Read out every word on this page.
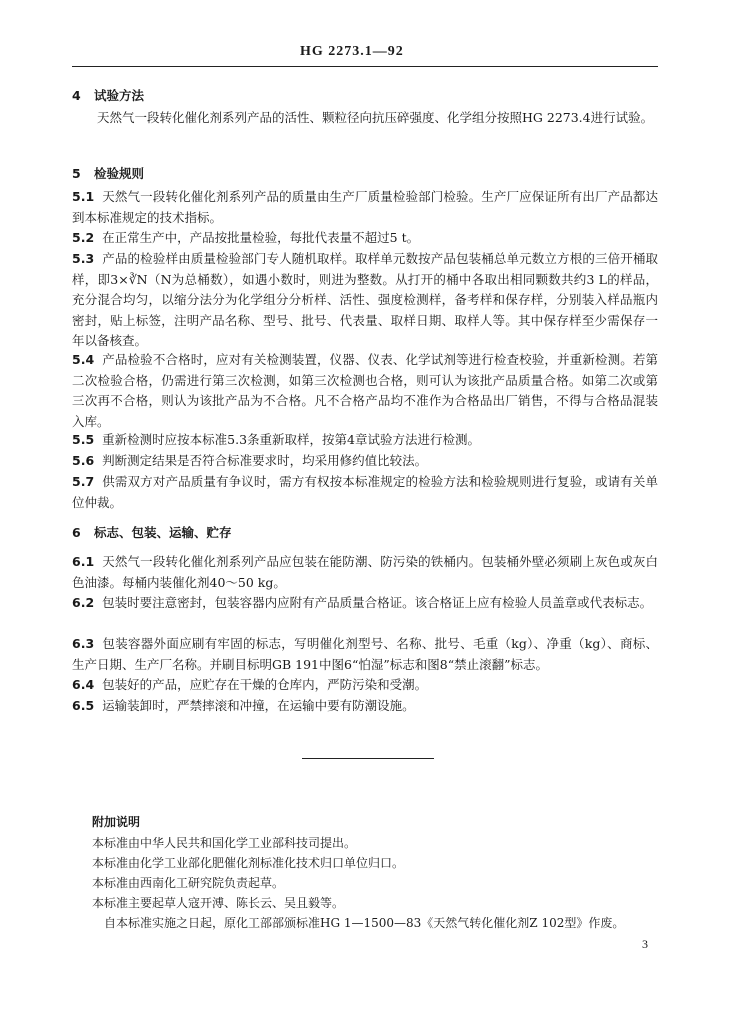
HG 2273.1—92
4 试验方法
天然气一段转化催化剂系列产品的活性、颗粒径向抗压碎强度、化学组分按照HG 2273.4进行试验。
5 检验规则
5.1 天然气一段转化催化剂系列产品的质量由生产厂质量检验部门检验。生产厂应保证所有出厂产品都达到本标准规定的技术指标。
5.2 在正常生产中，产品按批量检验，每批代表量不超过5 t。
5.3 产品的检验样由质量检验部门专人随机取样。取样单元数按产品包装桶总单元数立方根的三倍开桶取样，即3×∛N（N为总桶数），如遇小数时，则进为整数。从打开的桶中各取出相同颗数共约3 L的样品，充分混合均匀，以缩分法分为化学组分分析样、活性、强度检测样，备考样和保存样，分别装入样品瓶内密封，贴上标签，注明产品名称、型号、批号、代表量、取样日期、取样人等。其中保存样至少需保存一年以备核查。
5.4 产品检验不合格时，应对有关检测装置，仪器、仪表、化学试剂等进行检查校验，并重新检测。若第二次检验合格，仍需进行第三次检测，如第三次检测也合格，则可认为该批产品质量合格。如第二次或第三次再不合格，则认为该批产品为不合格。凡不合格产品均不准作为合格品出厂销售，不得与合格品混装入库。
5.5 重新检测时应按本标准5.3条重新取样，按第4章试验方法进行检测。
5.6 判断测定结果是否符合标准要求时，均采用修约值比较法。
5.7 供需双方对产品质量有争议时，需方有权按本标准规定的检验方法和检验规则进行复验，或请有关单位仲裁。
6 标志、包装、运输、贮存
6.1 天然气一段转化催化剂系列产品应包装在能防潮、防污染的铁桶内。包装桶外壁必须刷上灰色或灰白色油漆。每桶内装催化剂40～50 kg。
6.2 包装时要注意密封，包装容器内应附有产品质量合格证。该合格证上应有检验人员盖章或代表标志。
6.3 包装容器外面应刷有牢固的标志，写明催化剂型号、名称、批号、毛重（kg）、净重（kg）、商标、生产日期、生产厂名称。并刷目标明GB 191中图6“怕湿”标志和图8“禁止滚翻”标志。
6.4 包装好的产品，应贮存在干燥的仓库内，严防污染和受潮。
6.5 运输装卸时，严禁摔滚和冲撞，在运输中要有防潮设施。
附加说明
本标准由中华人民共和国化学工业部科技司提出。
本标准由化学工业部化肥催化剂标准化技术归口单位归口。
本标准由西南化工研究院负责起草。
本标准主要起草人寇开溥、陈长云、吴且毅等。
自本标准实施之日起，原化工部部颁标准HG 1—1500—83《天然气转化催化剂Z 102型》作废。
3
